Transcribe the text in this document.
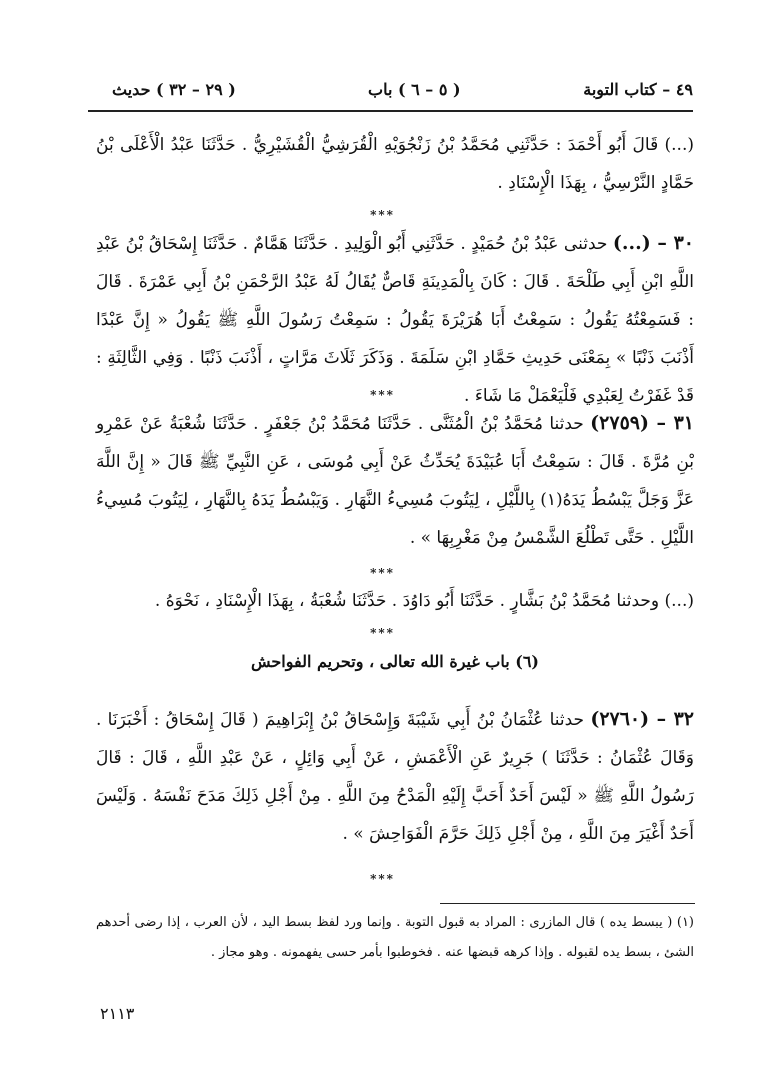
٤٩ – كتاب التوبة
( ٥ – ٦ ) باب
( ٢٩ – ٣٢ ) حديث
(...) قَالَ أَبُو أَحْمَدَ : حَدَّثَنِي مُحَمَّدُ بْنُ زَنْجُوَيْهِ الْقُرَشِيُّ الْقُشَيْرِيُّ . حَدَّثَنَا عَبْدُ الْأَعْلَى بْنُ حَمَّادٍ النَّرْسِيُّ ، بِهَذَا الْإِسْنَادِ .
***
٣٠ – (...) حدثنى عَبْدُ بْنُ حُمَيْدٍ . حَدَّثَنِي أَبُو الْوَلِيدِ . حَدَّثَنَا هَمَّامٌ . حَدَّثَنَا إِسْحَاقُ بْنُ عَبْدِ اللَّهِ ابْنِ أَبِي طَلْحَةَ . قَالَ : كَانَ بِالْمَدِينَةِ قَاصٌّ يُقَالُ لَهُ عَبْدُ الرَّحْمَنِ بْنُ أَبِي عَمْرَةَ . قَالَ : فَسَمِعْتُهُ يَقُولُ : سَمِعْتُ أَبَا هُرَيْرَةَ يَقُولُ : سَمِعْتُ رَسُولَ اللَّهِ ﷺ يَقُولُ « إِنَّ عَبْدًا أَذْنَبَ ذَنْبًا » بِمَعْنَى حَدِيثِ حَمَّادِ ابْنِ سَلَمَةَ . وَذَكَرَ ثَلَاثَ مَرَّاتٍ ، أَذْنَبَ ذَنْبًا . وَفِي الثَّالِثَةِ : قَدْ غَفَرْتُ لِعَبْدِي فَلْيَعْمَلْ مَا شَاءَ .
***
٣١ – (٢٧٥٩) حدثنا مُحَمَّدُ بْنُ الْمُثَنَّى . حَدَّثَنَا مُحَمَّدُ بْنُ جَعْفَرٍ . حَدَّثَنَا شُعْبَةُ عَنْ عَمْرِو بْنِ مُرَّةَ . قَالَ : سَمِعْتُ أَبَا عُبَيْدَةَ يُحَدِّثُ عَنْ أَبِي مُوسَى ، عَنِ النَّبِيِّ ﷺ قَالَ « إِنَّ اللَّهَ عَزَّ وَجَلَّ يَبْسُطُ يَدَهُ(١) بِاللَّيْلِ ، لِيَتُوبَ مُسِيءُ النَّهَارِ . وَيَبْسُطُ يَدَهُ بِالنَّهَارِ ، لِيَتُوبَ مُسِيءُ اللَّيْلِ . حَتَّى تَطْلُعَ الشَّمْسُ مِنْ مَغْرِبِهَا » .
***
(...) وحدثنا مُحَمَّدُ بْنُ بَشَّارٍ . حَدَّثَنَا أَبُو دَاوُدَ . حَدَّثَنَا شُعْبَةُ ، بِهَذَا الْإِسْنَادِ ، نَحْوَهُ .
***
(٦) باب غيرة الله تعالى ، وتحريم الفواحش
٣٢ – (٢٧٦٠) حدثنا عُثْمَانُ بْنُ أَبِي شَيْبَةَ وَإِسْحَاقُ بْنُ إِبْرَاهِيمَ ( قَالَ إِسْحَاقُ : أَخْبَرَنَا . وَقَالَ عُثْمَانُ : حَدَّثَنَا ) جَرِيرٌ عَنِ الْأَعْمَشِ ، عَنْ أَبِي وَائِلٍ ، عَنْ عَبْدِ اللَّهِ ، قَالَ : قَالَ رَسُولُ اللَّهِ ﷺ « لَيْسَ أَحَدٌ أَحَبَّ إِلَيْهِ الْمَدْحُ مِنَ اللَّهِ . مِنْ أَجْلِ ذَلِكَ مَدَحَ نَفْسَهُ . وَلَيْسَ أَحَدٌ أَغْيَرَ مِنَ اللَّهِ ، مِنْ أَجْلِ ذَلِكَ حَرَّمَ الْفَوَاحِشَ » .
***
(١) ( يبسط يده ) قال المازرى : المراد به قبول التوبة . وإنما ورد لفظ بسط اليد ، لأن العرب ، إذا رضى أحدهم الشئ ، بسط يده لقبوله . وإذا كرهه قبضها عنه . فخوطبوا بأمر حسى يفهمونه . وهو مجاز .
٢١١٣
